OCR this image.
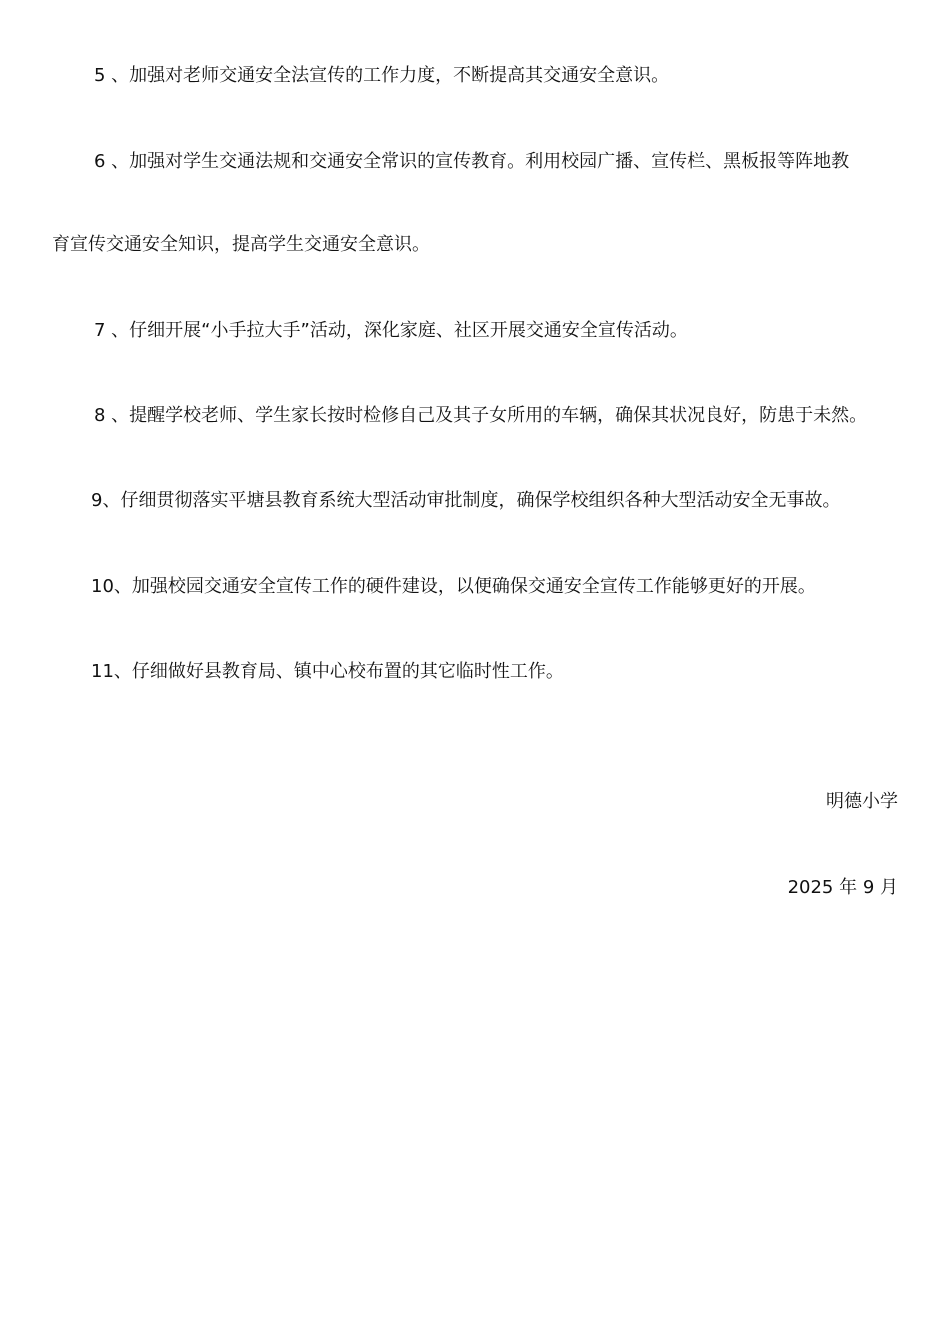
5 、加强对老师交通安全法宣传的工作力度，不断提高其交通安全意识。
6 、加强对学生交通法规和交通安全常识的宣传教育。利用校园广播、宣传栏、黑板报等阵地教
育宣传交通安全知识，提高学生交通安全意识。
7 、仔细开展“小手拉大手”活动，深化家庭、社区开展交通安全宣传活动。
8 、提醒学校老师、学生家长按时检修自己及其子女所用的车辆，确保其状况良好，防患于未然。
9、仔细贯彻落实平塘县教育系统大型活动审批制度，确保学校组织各种大型活动安全无事故。
10、加强校园交通安全宣传工作的硬件建设，以便确保交通安全宣传工作能够更好的开展。
11、仔细做好县教育局、镇中心校布置的其它临时性工作。
明德小学
2025 年 9 月
